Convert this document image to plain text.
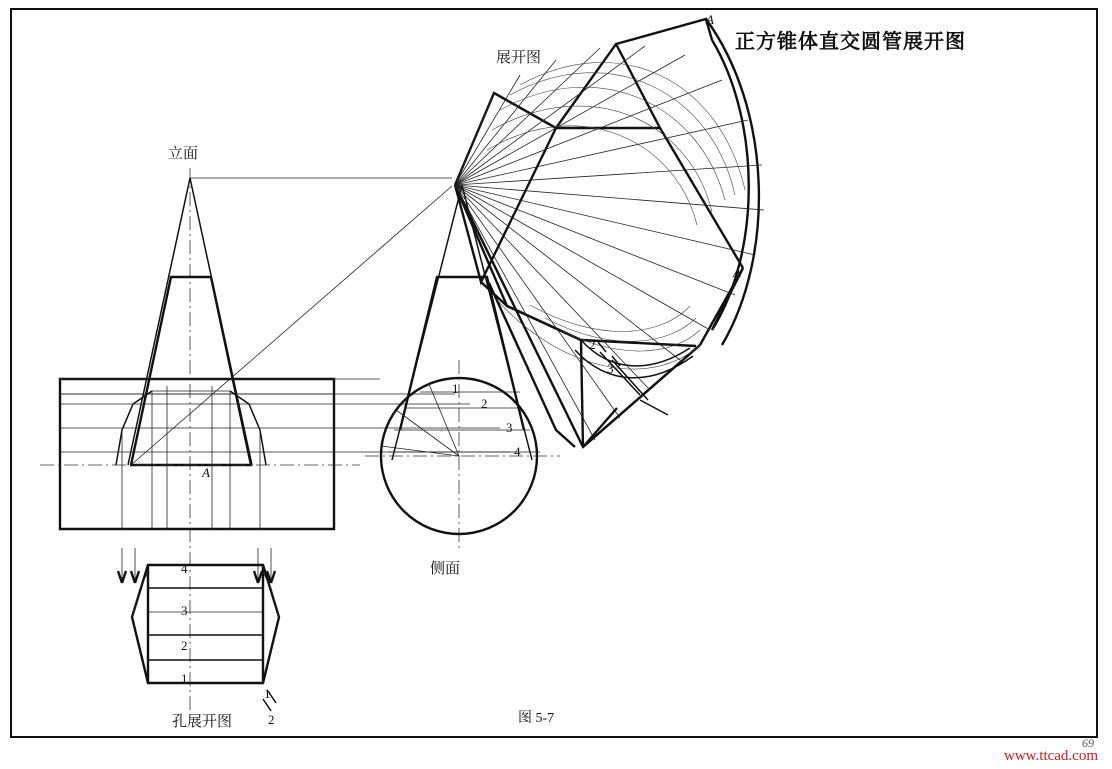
正方锥体直交圆管展开图
立面
侧面
展开图
孔展开图
A
A
A
1
2
3
4
2
3
4
3
2
1
1
2	图 5-7
www.ttcad.com
69
